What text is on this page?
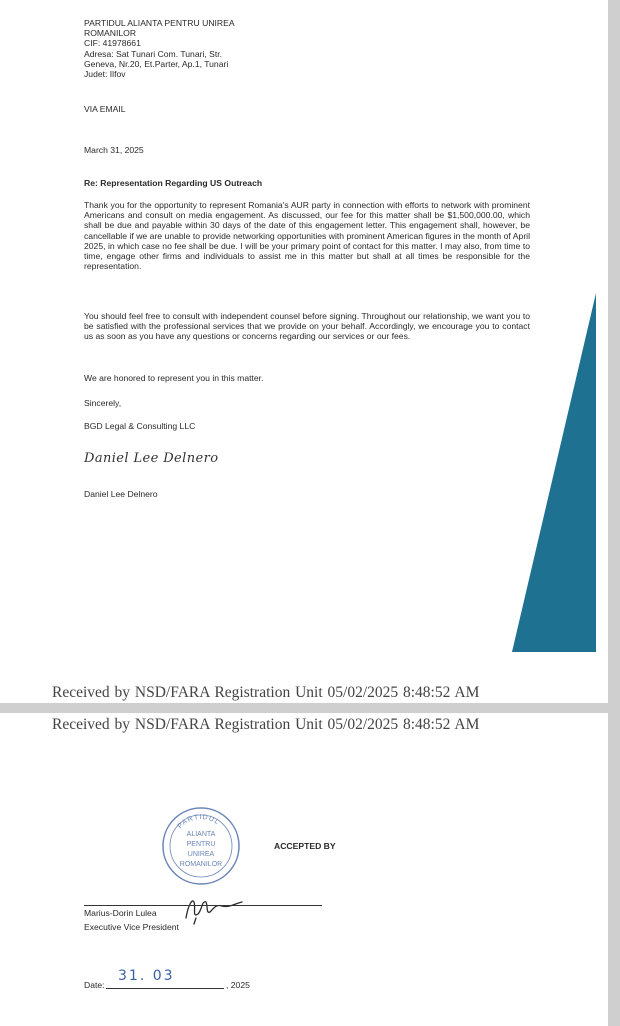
PARTIDUL ALIANTA PENTRU UNIREA
ROMANILOR
CIF: 41978661
Adresa: Sat Tunari Com. Tunari, Str.
Geneva, Nr.20, Et.Parter, Ap.1, Tunari
Judet: Ilfov
VIA EMAIL
March 31, 2025
Re: Representation Regarding US Outreach
Thank you for the opportunity to represent Romania's AUR party in connection with efforts to network with prominent Americans and consult on media engagement. As discussed, our fee for this matter shall be $1,500,000.00, which shall be due and payable within 30 days of the date of this engagement letter. This engagement shall, however, be cancellable if we are unable to provide networking opportunities with prominent American figures in the month of April 2025, in which case no fee shall be due. I will be your primary point of contact for this matter. I may also, from time to time, engage other firms and individuals to assist me in this matter but shall at all times be responsible for the representation.
You should feel free to consult with independent counsel before signing. Throughout our relationship, we want you to be satisfied with the professional services that we provide on your behalf. Accordingly, we encourage you to contact us as soon as you have any questions or concerns regarding our services or our fees.
We are honored to represent you in this matter.
Sincerely,
BGD Legal & Consulting LLC
Daniel Lee Delnero
Daniel Lee Delnero
Received by NSD/FARA Registration Unit 05/02/2025 8:48:52 AM
Received by NSD/FARA Registration Unit 05/02/2025 8:48:52 AM
PARTIDUL
ALIANTA
PENTRU
UNIREA
ROMANILOR
ACCEPTED BY
Marius-Dorin Lulea
Executive Vice President
Date:
31. 03
, 2025
